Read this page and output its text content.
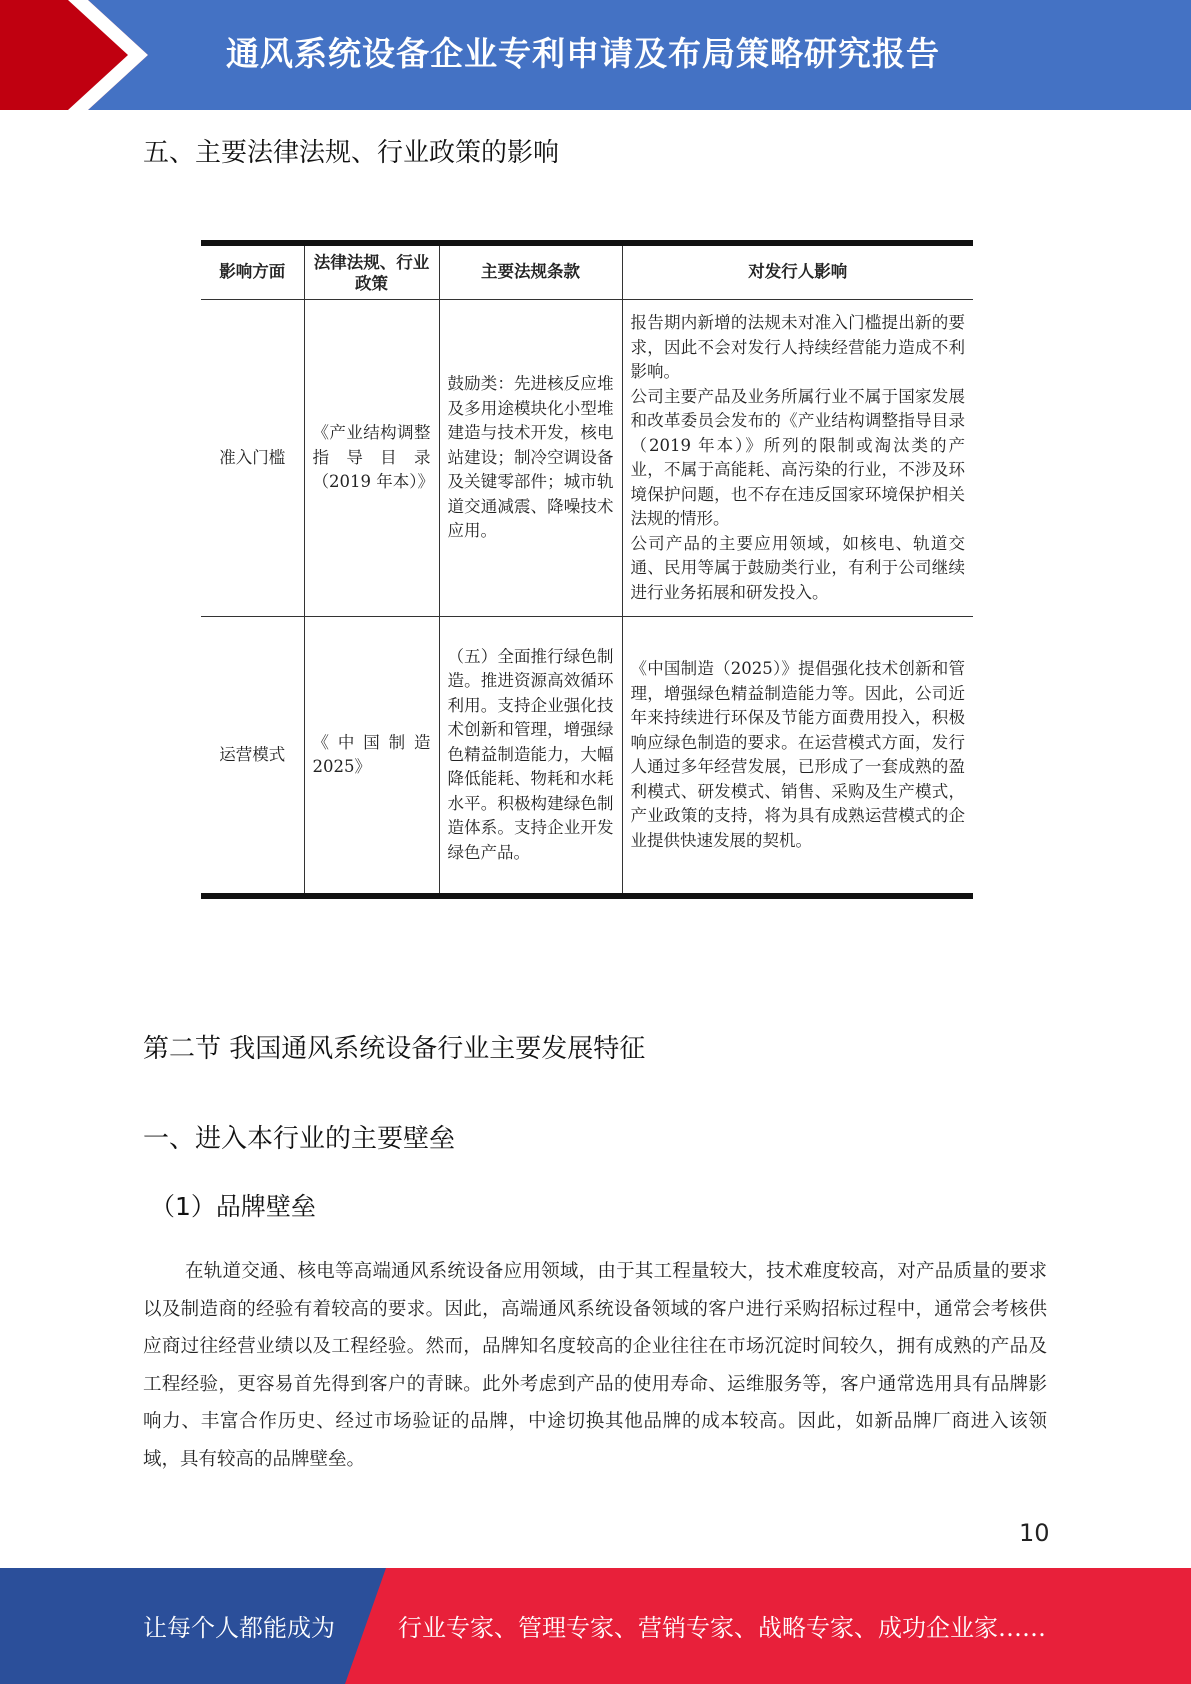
通风系统设备企业专利申请及布局策略研究报告
五、主要法律法规、行业政策的影响
影响方面	法律法规、行业政策	主要法规条款	对发行人影响
准入门槛	《产业结构调整指导目录（2019 年本）》	鼓励类：先进核反应堆及多用途模块化小型堆建造与技术开发，核电站建设；制冷空调设备及关键零部件；城市轨道交通减震、降噪技术应用。	报告期内新增的法规未对准入门槛提出新的要求，因此不会对发行人持续经营能力造成不利影响。
公司主要产品及业务所属行业不属于国家发展和改革委员会发布的《产业结构调整指导目录（2019 年本）》所列的限制或淘汰类的产业，不属于高能耗、高污染的行业，不涉及环境保护问题，也不存在违反国家环境保护相关法规的情形。
公司产品的主要应用领域，如核电、轨道交通、民用等属于鼓励类行业，有利于公司继续进行业务拓展和研发投入。
运营模式	《中国制造 2025》	（五）全面推行绿色制造。推进资源高效循环利用。支持企业强化技术创新和管理，增强绿色精益制造能力，大幅降低能耗、物耗和水耗水平。积极构建绿色制造体系。支持企业开发绿色产品。	《中国制造（2025）》提倡强化技术创新和管理，增强绿色精益制造能力等。因此，公司近年来持续进行环保及节能方面费用投入，积极响应绿色制造的要求。在运营模式方面，发行人通过多年经营发展，已形成了一套成熟的盈利模式、研发模式、销售、采购及生产模式，产业政策的支持，将为具有成熟运营模式的企业提供快速发展的契机。
第二节 我国通风系统设备行业主要发展特征
一、进入本行业的主要壁垒
（1）品牌壁垒
在轨道交通、核电等高端通风系统设备应用领域，由于其工程量较大，技术难度较高，对产品质量的要求以及制造商的经验有着较高的要求。因此，高端通风系统设备领域的客户进行采购招标过程中，通常会考核供应商过往经营业绩以及工程经验。然而，品牌知名度较高的企业往往在市场沉淀时间较久，拥有成熟的产品及工程经验，更容易首先得到客户的青睐。此外考虑到产品的使用寿命、运维服务等，客户通常选用具有品牌影响力、丰富合作历史、经过市场验证的品牌，中途切换其他品牌的成本较高。因此，如新品牌厂商进入该领域，具有较高的品牌壁垒。
10
让每个人都能成为	行业专家、管理专家、营销专家、战略专家、成功企业家……
